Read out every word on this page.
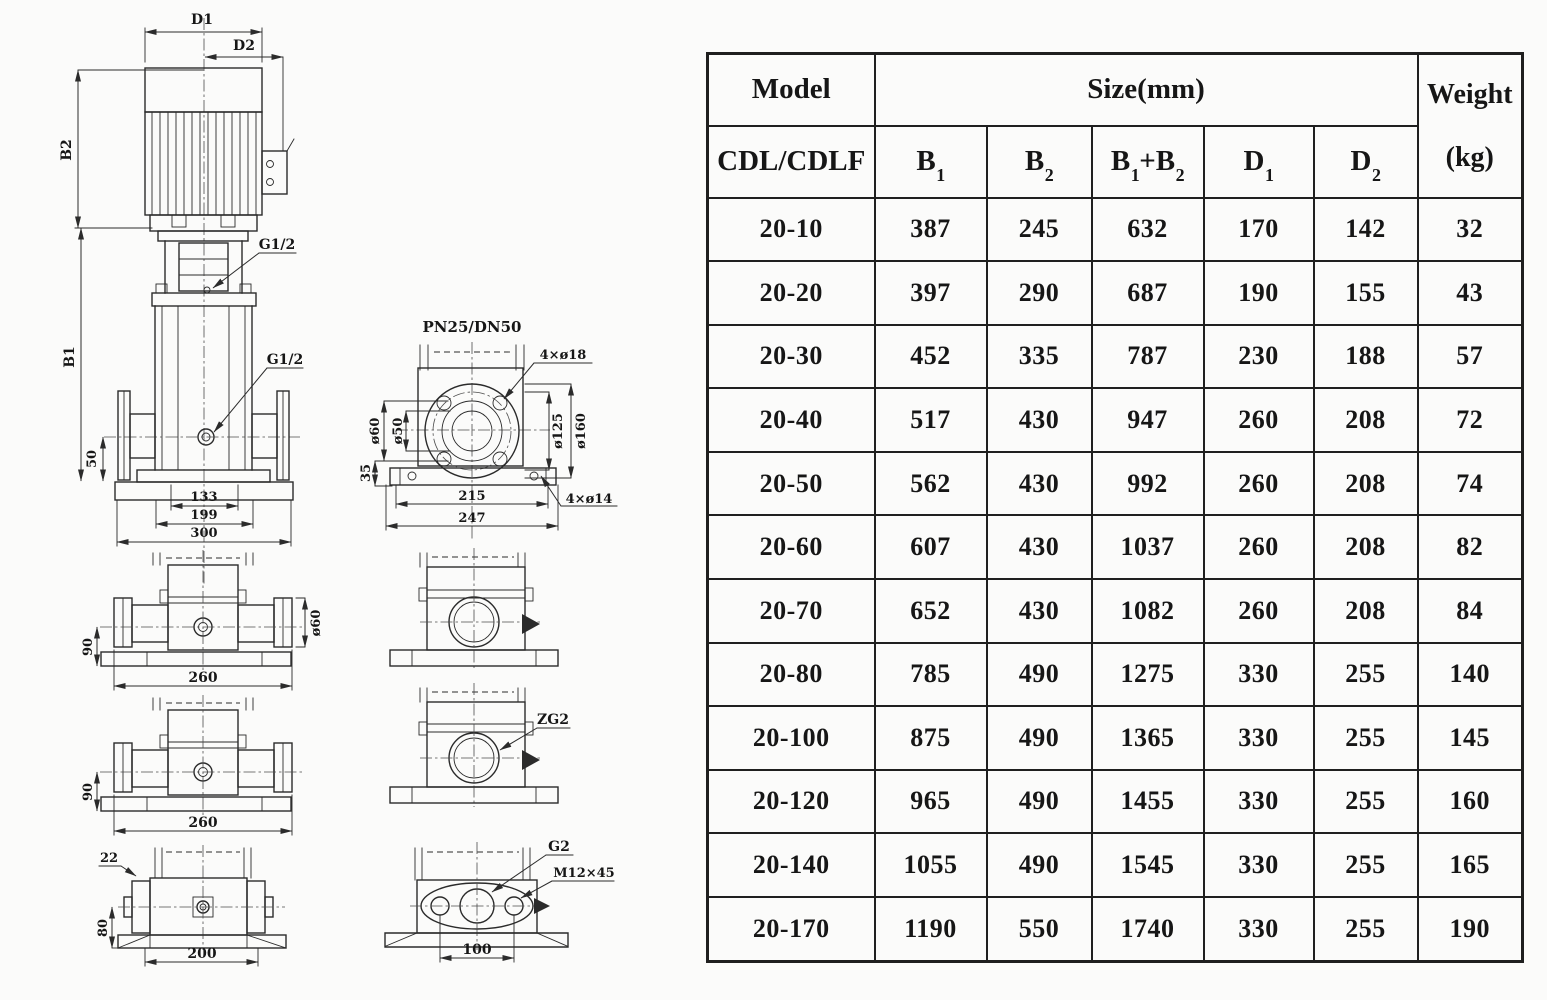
D1
D2
B2
B1
G1/2
G1/2
50
133
199
300
PN25/DN50
4×ø18
ø60 ø50	ø125 ø160
35
215
247
4×ø14
90
260
ø60
90
260
22
80
200
ZG2
G2
M12×45
100
Model	Size(mm)					Weight
(kg)
CDL/CDLF	$B_1$	$B_2$	$B_1+B_2$	$D_1$	$D_2$
20-10	387	245	632	170	142	32
20-20	397	290	687	190	155	43
20-30	452	335	787	230	188	57
20-40	517	430	947	260	208	72
20-50	562	430	992	260	208	74
20-60	607	430	1037	260	208	82
20-70	652	430	1082	260	208	84
20-80	785	490	1275	330	255	140
20-100	875	490	1365	330	255	145
20-120	965	490	1455	330	255	160
20-140	1055	490	1545	330	255	165
20-170	1190	550	1740	330	255	190
